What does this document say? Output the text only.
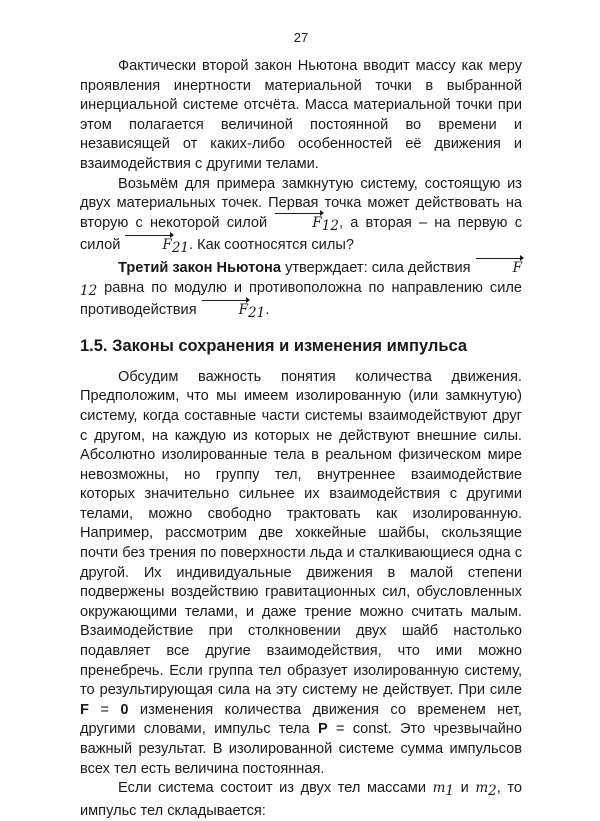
27

Фактически второй закон Ньютона вводит массу как меру проявления инертности материальной точки в выбранной инерциальной системе отсчёта. Масса материальной точки при этом полагается величиной постоянной во времени и независящей от каких-либо особенностей её движения и взаимодействия с другими телами.

Возьмём для примера замкнутую систему, состоящую из двух материальных точек. Первая точка может действовать на вторую с некоторой силой	$F_{12}$, а вторая – на первую с силой	$F_{21}$. Как соотносятся силы?

Третий закон Ньютона утверждает: сила действия	$F_{12}$ равна по модулю и противоположна по направлению силе противодействия	$F_{21}$.

1.5. Законы сохранения и изменения импульса

Обсудим важность понятия количества движения. Предположим, что мы имеем изолированную (или замкнутую) систему, когда составные части системы взаимодействуют друг с другом, на каждую из которых не действуют внешние силы. Абсолютно изолированные тела в реальном физическом мире невозможны, но группу тел, внутреннее взаимодействие которых значительно сильнее их взаимодействия с другими телами, можно свободно трактовать как изолированную. Например, рассмотрим две хоккейные шайбы, скользящие почти без трения по поверхности льда и сталкивающиеся одна с другой. Их индивидуальные движения в малой степени подвержены воздействию гравитационных сил, обусловленных окружающими телами, и даже трение можно считать малым. Взаимодействие при столкновении двух шайб настолько подавляет все другие взаимодействия, что ими можно пренебречь. Если группа тел образует изолированную систему, то результирующая сила на эту систему не действует. При силе F = 0 изменения количества движения со временем нет, другими словами, импульс тела P = const. Это чрезвычайно важный результат. В изолированной системе сумма импульсов всех тел есть величина постоянная.

Если система состоит из двух тел массами $m_1$ и $m_2$, то импульс тел складывается:
